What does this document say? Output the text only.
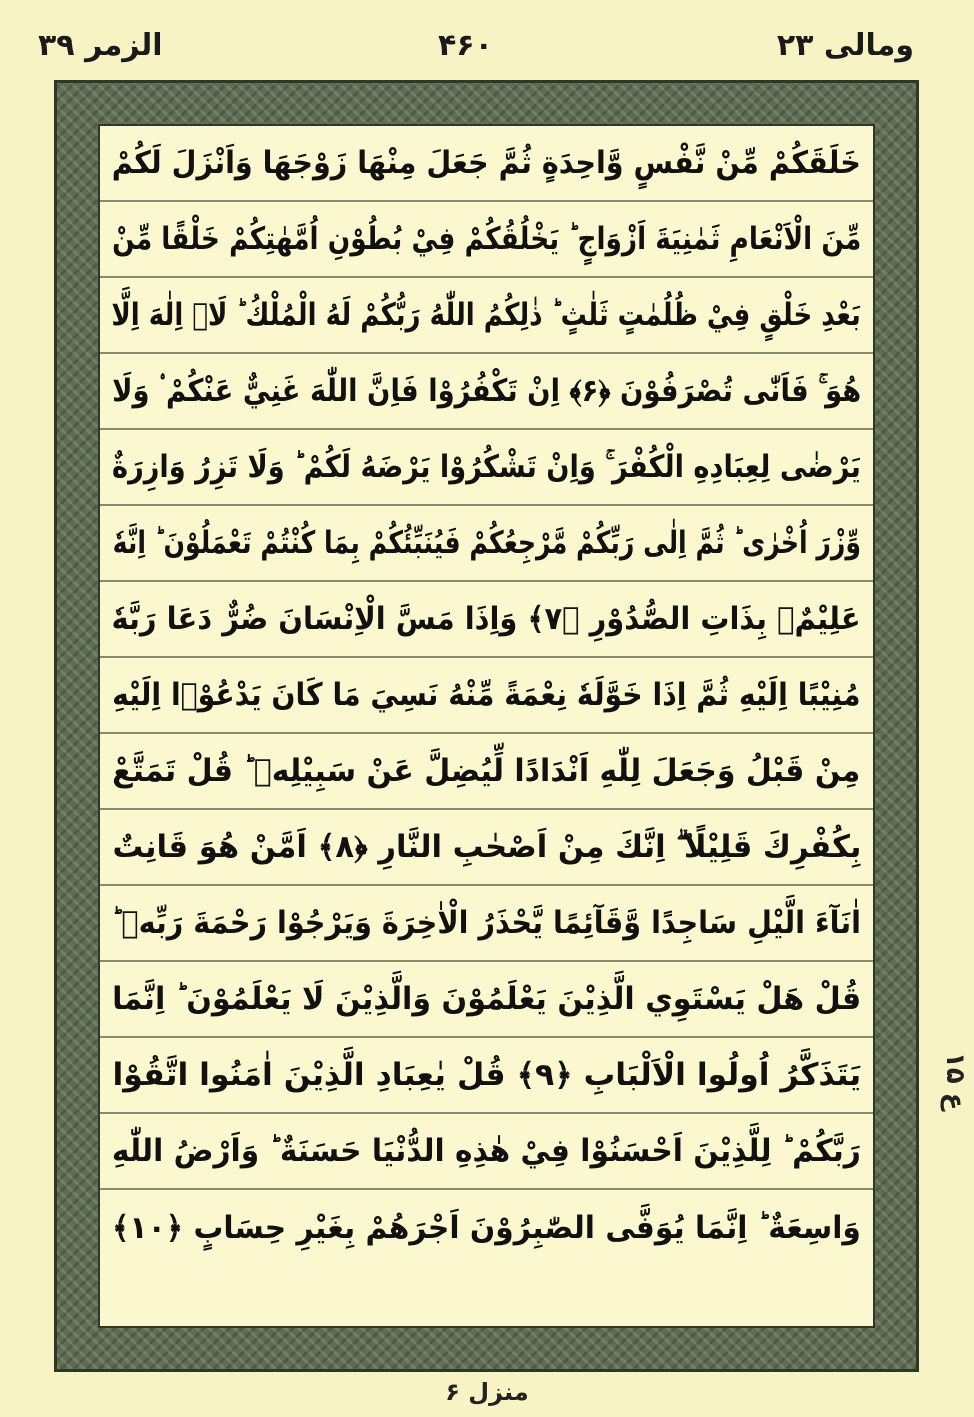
ومالی ۲۳
۴۶۰
الزمر ۳۹
خَلَقَكُمْ مِّنْ نَّفْسٍ وَّاحِدَةٍ ثُمَّ جَعَلَ مِنْهَا زَوْجَهَا وَاَنْزَلَ لَكُمْ
مِّنَ الْاَنْعَامِ ثَمٰنِيَةَ اَزْوَاجٍ ؕ يَخْلُقُكُمْ فِيْ بُطُوْنِ اُمَّهٰتِكُمْ خَلْقًا مِّنْ
بَعْدِ خَلْقٍ فِيْ ظُلُمٰتٍ ثَلٰثٍ ؕ ذٰلِكُمُ اللّٰهُ رَبُّكُمْ لَهُ الْمُلْكُ ؕ لَاۤ اِلٰهَ اِلَّا
هُوَ ۚ فَاَنّٰى تُصْرَفُوْنَ ﴿۶﴾ اِنْ تَكْفُرُوْا فَاِنَّ اللّٰهَ غَنِيٌّ عَنْكُمْ ۟ وَلَا
يَرْضٰى لِعِبَادِهِ الْكُفْرَ ۚ وَاِنْ تَشْكُرُوْا يَرْضَهُ لَكُمْ ؕ وَلَا تَزِرُ وَازِرَةٌ
وِّزْرَ اُخْرٰى ؕ ثُمَّ اِلٰى رَبِّكُمْ مَّرْجِعُكُمْ فَيُنَبِّئُكُمْ بِمَا كُنْتُمْ تَعْمَلُوْنَ ؕ اِنَّهٗ
عَلِيْمٌۢ بِذَاتِ الصُّدُوْرِ ﴿۷﴾ وَاِذَا مَسَّ الْاِنْسَانَ ضُرٌّ دَعَا رَبَّهٗ
مُنِيْبًا اِلَيْهِ ثُمَّ اِذَا خَوَّلَهٗ نِعْمَةً مِّنْهُ نَسِيَ مَا كَانَ يَدْعُوْۤا اِلَيْهِ
مِنْ قَبْلُ وَجَعَلَ لِلّٰهِ اَنْدَادًا لِّيُضِلَّ عَنْ سَبِيْلِهٖ ؕ قُلْ تَمَتَّعْ
بِكُفْرِكَ قَلِيْلًا ۖۗ اِنَّكَ مِنْ اَصْحٰبِ النَّارِ ﴿۸﴾ اَمَّنْ هُوَ قَانِتٌ
اٰنَآءَ الَّيْلِ سَاجِدًا وَّقَآئِمًا يَّحْذَرُ الْاٰخِرَةَ وَيَرْجُوْا رَحْمَةَ رَبِّهٖ ؕ
قُلْ هَلْ يَسْتَوِي الَّذِيْنَ يَعْلَمُوْنَ وَالَّذِيْنَ لَا يَعْلَمُوْنَ ؕ اِنَّمَا
يَتَذَكَّرُ اُولُوا الْاَلْبَابِ ﴿۹﴾ قُلْ يٰعِبَادِ الَّذِيْنَ اٰمَنُوا اتَّقُوْا
رَبَّكُمْ ؕ لِلَّذِيْنَ اَحْسَنُوْا فِيْ هٰذِهِ الدُّنْيَا حَسَنَةٌ ؕ وَاَرْضُ اللّٰهِ
وَاسِعَةٌ ؕ اِنَّمَا يُوَفَّى الصّٰبِرُوْنَ اَجْرَهُمْ بِغَيْرِ حِسَابٍ ﴿۱۰﴾
ع ۱۵
منزل ۶
